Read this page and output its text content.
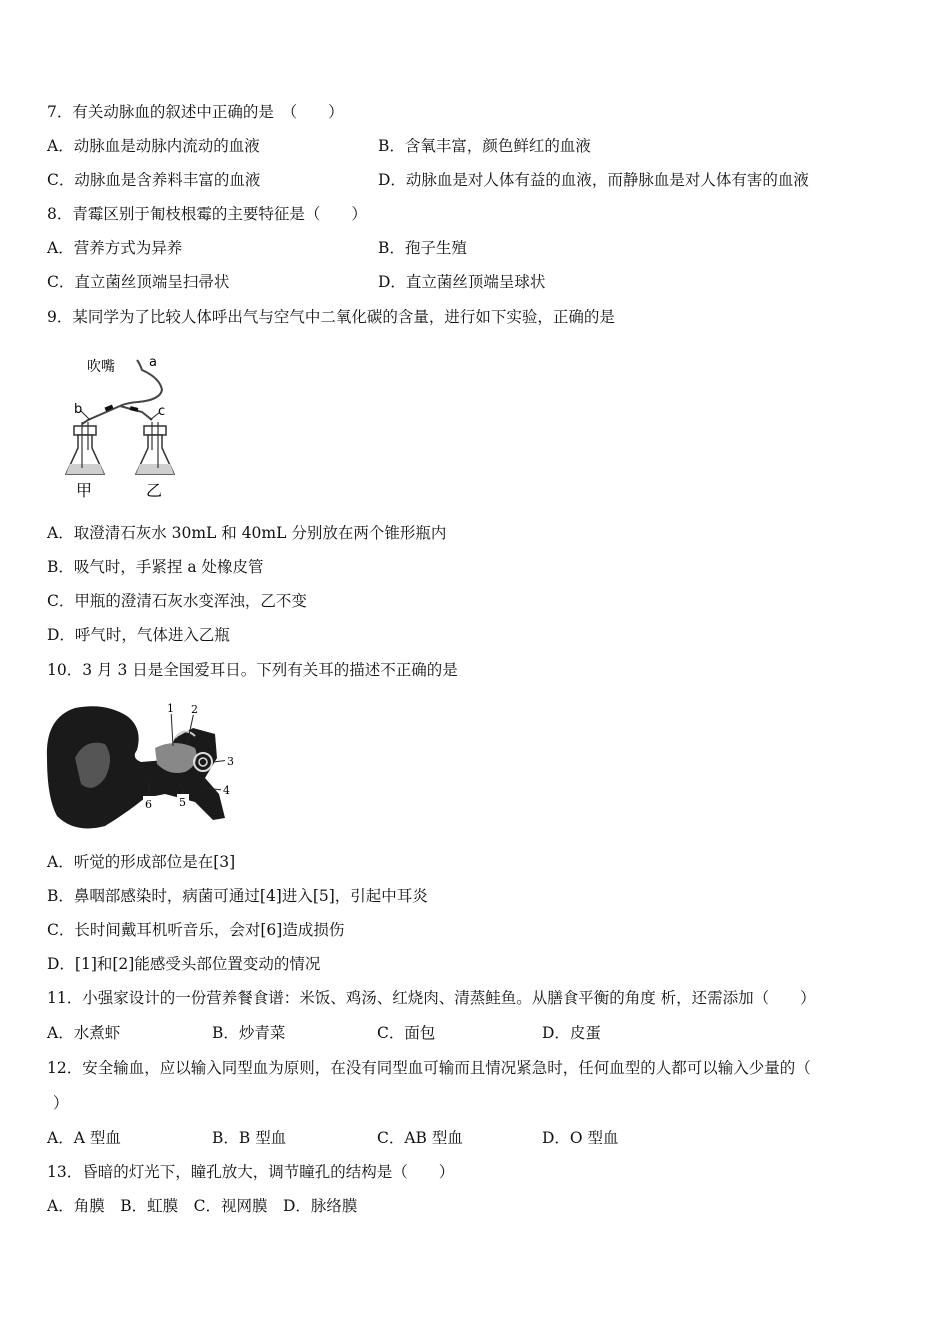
7．有关动脉血的叙述中正确的是　（　　）
A．动脉血是动脉内流动的血液	B．含氧丰富，颜色鲜红的血液
C．动脉血是含养料丰富的血液	D．动脉血是对人体有益的血液，而静脉血是对人体有害的血液
8．青霉区别于匍枝根霉的主要特征是（　　）
A．营养方式为异养	B．孢子生殖
C．直立菌丝顶端呈扫帚状	D．直立菌丝顶端呈球状
9．某同学为了比较人体呼出气与空气中二氧化碳的含量，进行如下实验，正确的是
吹嘴	a
b	c
甲	乙
A．取澄清石灰水 30mL 和 40mL 分别放在两个锥形瓶内
B．吸气时，手紧捏 a 处橡皮管
C．甲瓶的澄清石灰水变浑浊，乙不变
D．呼气时，气体进入乙瓶
10．3 月 3 日是全国爱耳日。下列有关耳的描述不正确的是
1 2
3
4
5
6
A．听觉的形成部位是在[3]
B．鼻咽部感染时，病菌可通过[4]进入[5]，引起中耳炎
C．长时间戴耳机听音乐，会对[6]造成损伤
D．[1]和[2]能感受头部位置变动的情况
11．小强家设计的一份营养餐食谱：米饭、鸡汤、红烧肉、清蒸鲑鱼。从膳食平衡的角度 析，还需添加（　　）
A．水煮虾	B．炒青菜	C．面包	D．皮蛋
12．安全输血，应以输入同型血为原则，在没有同型血可输而且情况紧急时，任何血型的人都可以输入少量的（
）
A．A 型血	B．B 型血	C．AB 型血	D．O 型血
13．昏暗的灯光下，瞳孔放大，调节瞳孔的结构是（　　）
A．角膜　B．虹膜　C．视网膜　D．脉络膜
